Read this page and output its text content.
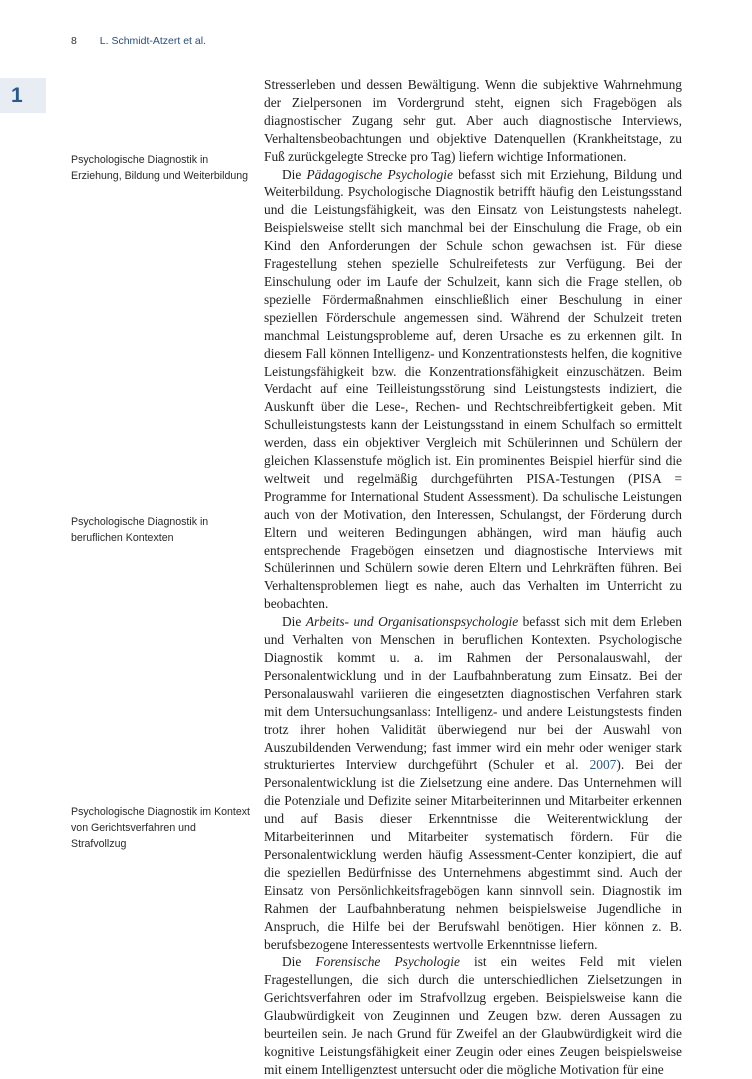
8 L. Schmidt-Atzert et al.
1
Psychologische Diagnostik in Erziehung, Bildung und Weiterbildung
Psychologische Diagnostik in beruflichen Kontexten
Psychologische Diagnostik im Kontext von Gerichtsverfahren und Strafvollzug

Stresserleben und dessen Bewältigung. Wenn die subjektive Wahrnehmung der Zielpersonen im Vordergrund steht, eignen sich Fragebögen als diagnostischer Zugang sehr gut. Aber auch diagnostische Interviews, Verhaltensbeobachtungen und objektive Datenquellen (Krankheitstage, zu Fuß zurückgelegte Strecke pro Tag) liefern wichtige Informationen.

Die Pädagogische Psychologie befasst sich mit Erziehung, Bildung und Weiterbildung. Psychologische Diagnostik betrifft häufig den Leistungsstand und die Leistungsfähigkeit, was den Einsatz von Leistungstests nahelegt. Beispielsweise stellt sich manchmal bei der Einschulung die Frage, ob ein Kind den Anforderungen der Schule schon gewachsen ist. Für diese Fragestellung stehen spezielle Schulreifetests zur Verfügung. Bei der Einschulung oder im Laufe der Schulzeit, kann sich die Frage stellen, ob spezielle Fördermaßnahmen einschließlich einer Beschulung in einer speziellen Förderschule angemessen sind. Während der Schulzeit treten manchmal Leistungsprobleme auf, deren Ursache es zu erkennen gilt. In diesem Fall können Intelligenz- und Konzentrationstests helfen, die kognitive Leistungsfähigkeit bzw. die Konzentrationsfähigkeit einzuschätzen. Beim Verdacht auf eine Teilleistungsstörung sind Leistungstests indiziert, die Auskunft über die Lese-, Rechen- und Rechtschreibfertigkeit geben. Mit Schulleistungstests kann der Leistungsstand in einem Schulfach so ermittelt werden, dass ein objektiver Vergleich mit Schülerinnen und Schülern der gleichen Klassenstufe möglich ist. Ein prominentes Beispiel hierfür sind die weltweit und regelmäßig durchgeführten PISA-Testungen (PISA = Programme for International Student Assessment). Da schulische Leistungen auch von der Motivation, den Interessen, Schulangst, der Förderung durch Eltern und weiteren Bedingungen abhängen, wird man häufig auch entsprechende Fragebögen einsetzen und diagnostische Interviews mit Schülerinnen und Schülern sowie deren Eltern und Lehrkräften führen. Bei Verhaltensproblemen liegt es nahe, auch das Verhalten im Unterricht zu beobachten.

Die Arbeits- und Organisationspsychologie befasst sich mit dem Erleben und Verhalten von Menschen in beruflichen Kontexten. Psychologische Diagnostik kommt u. a. im Rahmen der Personalauswahl, der Personalentwicklung und in der Laufbahnberatung zum Einsatz. Bei der Personalauswahl variieren die eingesetzten diagnostischen Verfahren stark mit dem Untersuchungsanlass: Intelligenz- und andere Leistungstests finden trotz ihrer hohen Validität überwiegend nur bei der Auswahl von Auszubildenden Verwendung; fast immer wird ein mehr oder weniger stark strukturiertes Interview durchgeführt (Schuler et al. 2007). Bei der Personalentwicklung ist die Zielsetzung eine andere. Das Unternehmen will die Potenziale und Defizite seiner Mitarbeiterinnen und Mitarbeiter erkennen und auf Basis dieser Erkenntnisse die Weiterentwicklung der Mitarbeiterinnen und Mitarbeiter systematisch fördern. Für die Personalentwicklung werden häufig Assessment-Center konzipiert, die auf die speziellen Bedürfnisse des Unternehmens abgestimmt sind. Auch der Einsatz von Persönlichkeitsfragebögen kann sinnvoll sein. Diagnostik im Rahmen der Laufbahnberatung nehmen beispielsweise Jugendliche in Anspruch, die Hilfe bei der Berufswahl benötigen. Hier können z. B. berufsbezogene Interessentests wertvolle Erkenntnisse liefern.

Die Forensische Psychologie ist ein weites Feld mit vielen Fragestellungen, die sich durch die unterschiedlichen Zielsetzungen in Gerichtsverfahren oder im Strafvollzug ergeben. Beispielsweise kann die Glaubwürdigkeit von Zeuginnen und Zeugen bzw. deren Aussagen zu beurteilen sein. Je nach Grund für Zweifel an der Glaubwürdigkeit wird die kognitive Leistungsfähigkeit einer Zeugin oder eines Zeugen beispielsweise mit einem Intelligenztest untersucht oder die mögliche Motivation für eine
